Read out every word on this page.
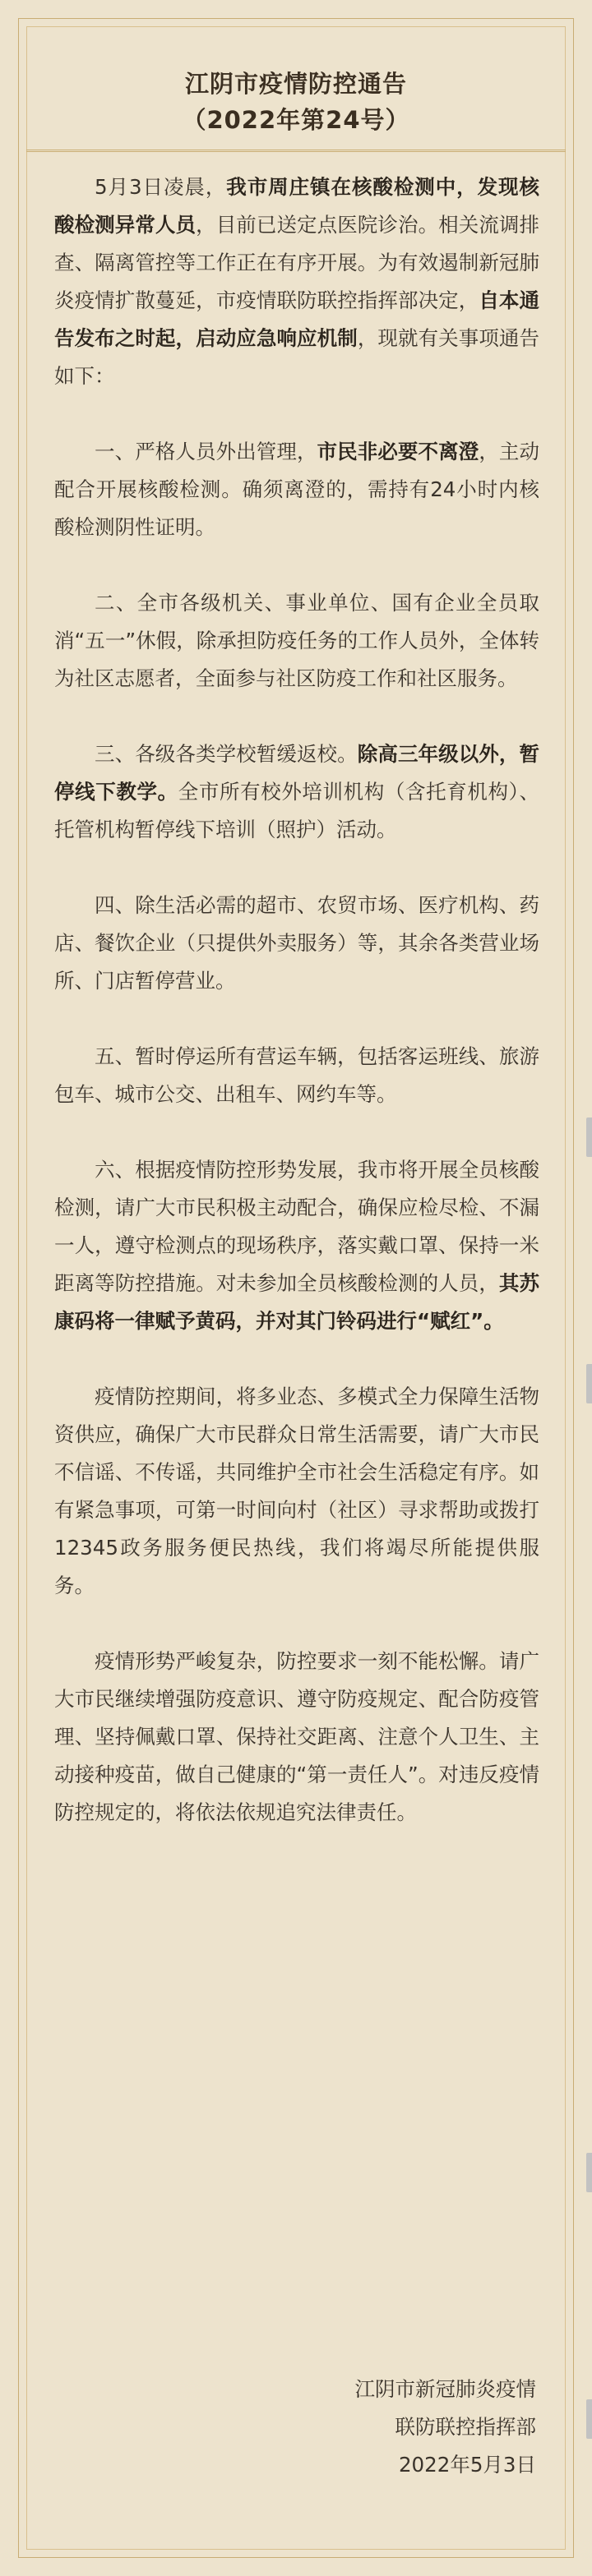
江阴市疫情防控通告
（2022年第24号）

5月3日凌晨，我市周庄镇在核酸检测中，发现核酸检测异常人员，目前已送定点医院诊治。相关流调排查、隔离管控等工作正在有序开展。为有效遏制新冠肺炎疫情扩散蔓延，市疫情联防联控指挥部决定，自本通告发布之时起，启动应急响应机制，现就有关事项通告如下：

一、严格人员外出管理，市民非必要不离澄，主动配合开展核酸检测。确须离澄的，需持有24小时内核酸检测阴性证明。

二、全市各级机关、事业单位、国有企业全员取消“五一”休假，除承担防疫任务的工作人员外，全体转为社区志愿者，全面参与社区防疫工作和社区服务。

三、各级各类学校暂缓返校。除高三年级以外，暂停线下教学。全市所有校外培训机构（含托育机构）、托管机构暂停线下培训（照护）活动。

四、除生活必需的超市、农贸市场、医疗机构、药店、餐饮企业（只提供外卖服务）等，其余各类营业场所、门店暂停营业。

五、暂时停运所有营运车辆，包括客运班线、旅游包车、城市公交、出租车、网约车等。

六、根据疫情防控形势发展，我市将开展全员核酸检测，请广大市民积极主动配合，确保应检尽检、不漏一人，遵守检测点的现场秩序，落实戴口罩、保持一米距离等防控措施。对未参加全员核酸检测的人员，其苏康码将一律赋予黄码，并对其门铃码进行“赋红”。

疫情防控期间，将多业态、多模式全力保障生活物资供应，确保广大市民群众日常生活需要，请广大市民不信谣、不传谣，共同维护全市社会生活稳定有序。如有紧急事项，可第一时间向村（社区）寻求帮助或拨打12345政务服务便民热线，我们将竭尽所能提供服务。

疫情形势严峻复杂，防控要求一刻不能松懈。请广大市民继续增强防疫意识、遵守防疫规定、配合防疫管理、坚持佩戴口罩、保持社交距离、注意个人卫生、主动接种疫苗，做自己健康的“第一责任人”。对违反疫情防控规定的，将依法依规追究法律责任。

江阴市新冠肺炎疫情
联防联控指挥部
2022年5月3日
